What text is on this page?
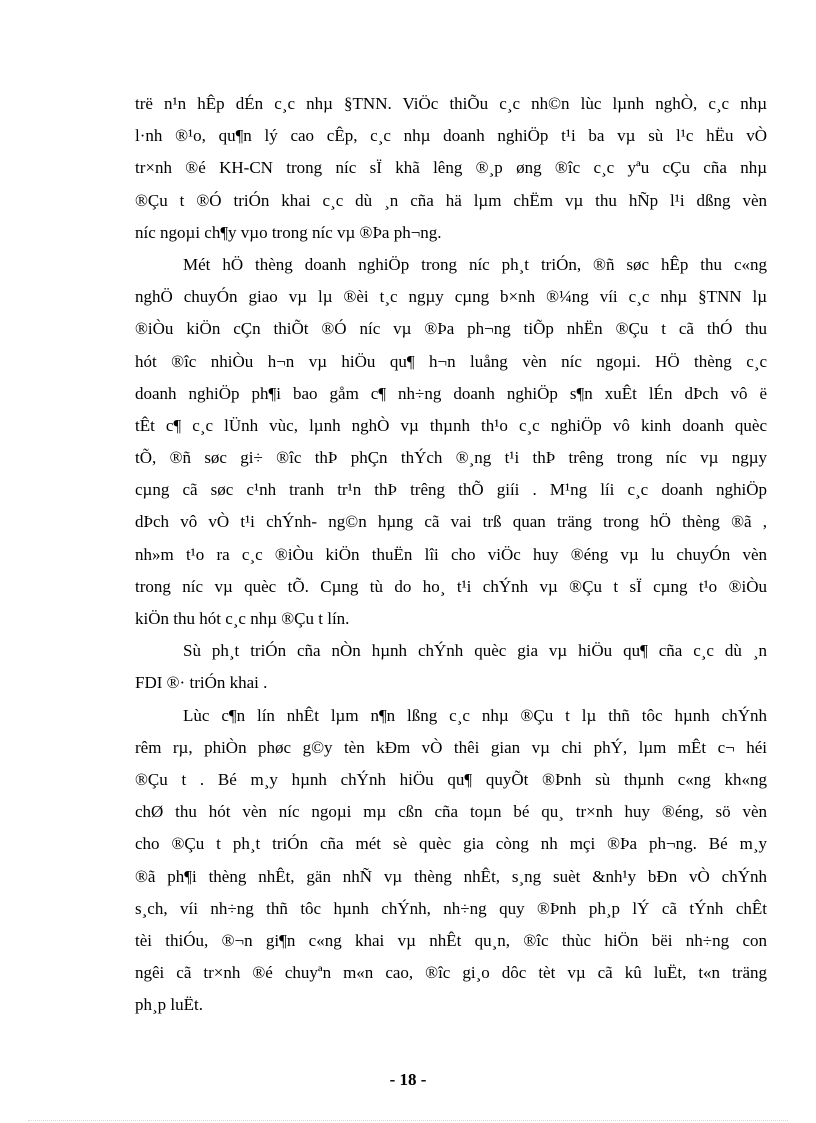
trë n¹n hÊp dÉn c¸c nhµ §TNN. ViÖc thiÕu c¸c nh©n lùc lµnh nghÒ, c¸c nhµ
l·nh ®¹o, qu¶n lý cao cÊp, c¸c nhµ doanh nghiÖp t¹i ba vµ sù l¹c hËu vÒ
tr×nh ®é KH-CN trong níc sÏ khã lêng ®¸p øng ®îc c¸c yªu cÇu cña nhµ
®Çu t ®Ó triÓn khai c¸c dù ¸n cña hä lµm chËm vµ thu hÑp l¹i dßng vèn
níc ngoµi ch¶y vµo trong níc vµ ®Þa ph¬ng.
Mét hÖ thèng doanh nghiÖp trong níc ph¸t triÓn, ®ñ søc hÊp thu c«ng
nghÖ chuyÓn giao vµ lµ ®èi t¸c ngµy cµng b×nh ®¼ng víi c¸c nhµ §TNN lµ
®iÒu kiÖn cÇn thiÕt ®Ó níc vµ ®Þa ph¬ng tiÕp nhËn ®Çu t cã thÓ thu
hót ®îc nhiÒu h¬n vµ hiÖu qu¶ h¬n luång vèn níc ngoµi. HÖ thèng c¸c
doanh nghiÖp ph¶i bao gåm c¶ nh÷ng doanh nghiÖp s¶n xuÊt lÉn dÞch vô ë
tÊt c¶ c¸c lÜnh vùc, lµnh nghÒ vµ thµnh th¹o c¸c nghiÖp vô kinh doanh quèc
tÕ, ®ñ søc gi÷ ®îc thÞ phÇn thÝch ®¸ng t¹i thÞ trêng trong níc vµ ngµy
cµng cã søc c¹nh tranh tr¹n thÞ trêng thÕ giíi . M¹ng líi c¸c doanh nghiÖp
dÞch vô vÒ t¹i chÝnh- ng©n hµng cã vai trß quan träng trong hÖ thèng ®ã ,
nh»m t¹o ra c¸c ®iÒu kiÖn thuËn lîi cho viÖc huy ®éng vµ lu chuyÓn vèn
trong níc vµ quèc tÕ. Cµng tù do ho¸ t¹i chÝnh vµ ®Çu t sÏ cµng t¹o ®iÒu
kiÖn thu hót c¸c nhµ ®Çu t lín.
Sù ph¸t triÓn cña nÒn hµnh chÝnh quèc gia vµ hiÖu qu¶ cña c¸c dù ¸n
FDI ®· triÓn khai .
Lùc c¶n lín nhÊt lµm n¶n lßng c¸c nhµ ®Çu t lµ thñ tôc hµnh chÝnh
rêm rµ, phiÒn phøc g©y tèn kÐm vÒ thêi gian vµ chi phÝ, lµm mÊt c¬ héi
®Çu t . Bé m¸y hµnh chÝnh hiÖu qu¶ quyÕt ®Þnh sù thµnh c«ng kh«ng
chØ thu hót vèn níc ngoµi mµ cßn cña toµn bé qu¸ tr×nh huy ®éng, sö vèn
cho ®Çu t ph¸t triÓn cña mét sè quèc gia còng nh mçi ®Þa ph¬ng. Bé m¸y
®ã ph¶i thèng nhÊt, gän nhÑ vµ thèng nhÊt, s¸ng suèt &nh¹y bÐn vÒ chÝnh
s¸ch, víi nh÷ng thñ tôc hµnh chÝnh, nh÷ng quy ®Þnh ph¸p lÝ cã tÝnh chÊt
tèi thiÓu, ®¬n gi¶n c«ng khai vµ nhÊt qu¸n, ®îc thùc hiÖn bëi nh÷ng con
ngêi cã tr×nh ®é chuyªn m«n cao, ®îc gi¸o dôc tèt vµ cã kû luËt, t«n träng
ph¸p luËt.
- 18 -
